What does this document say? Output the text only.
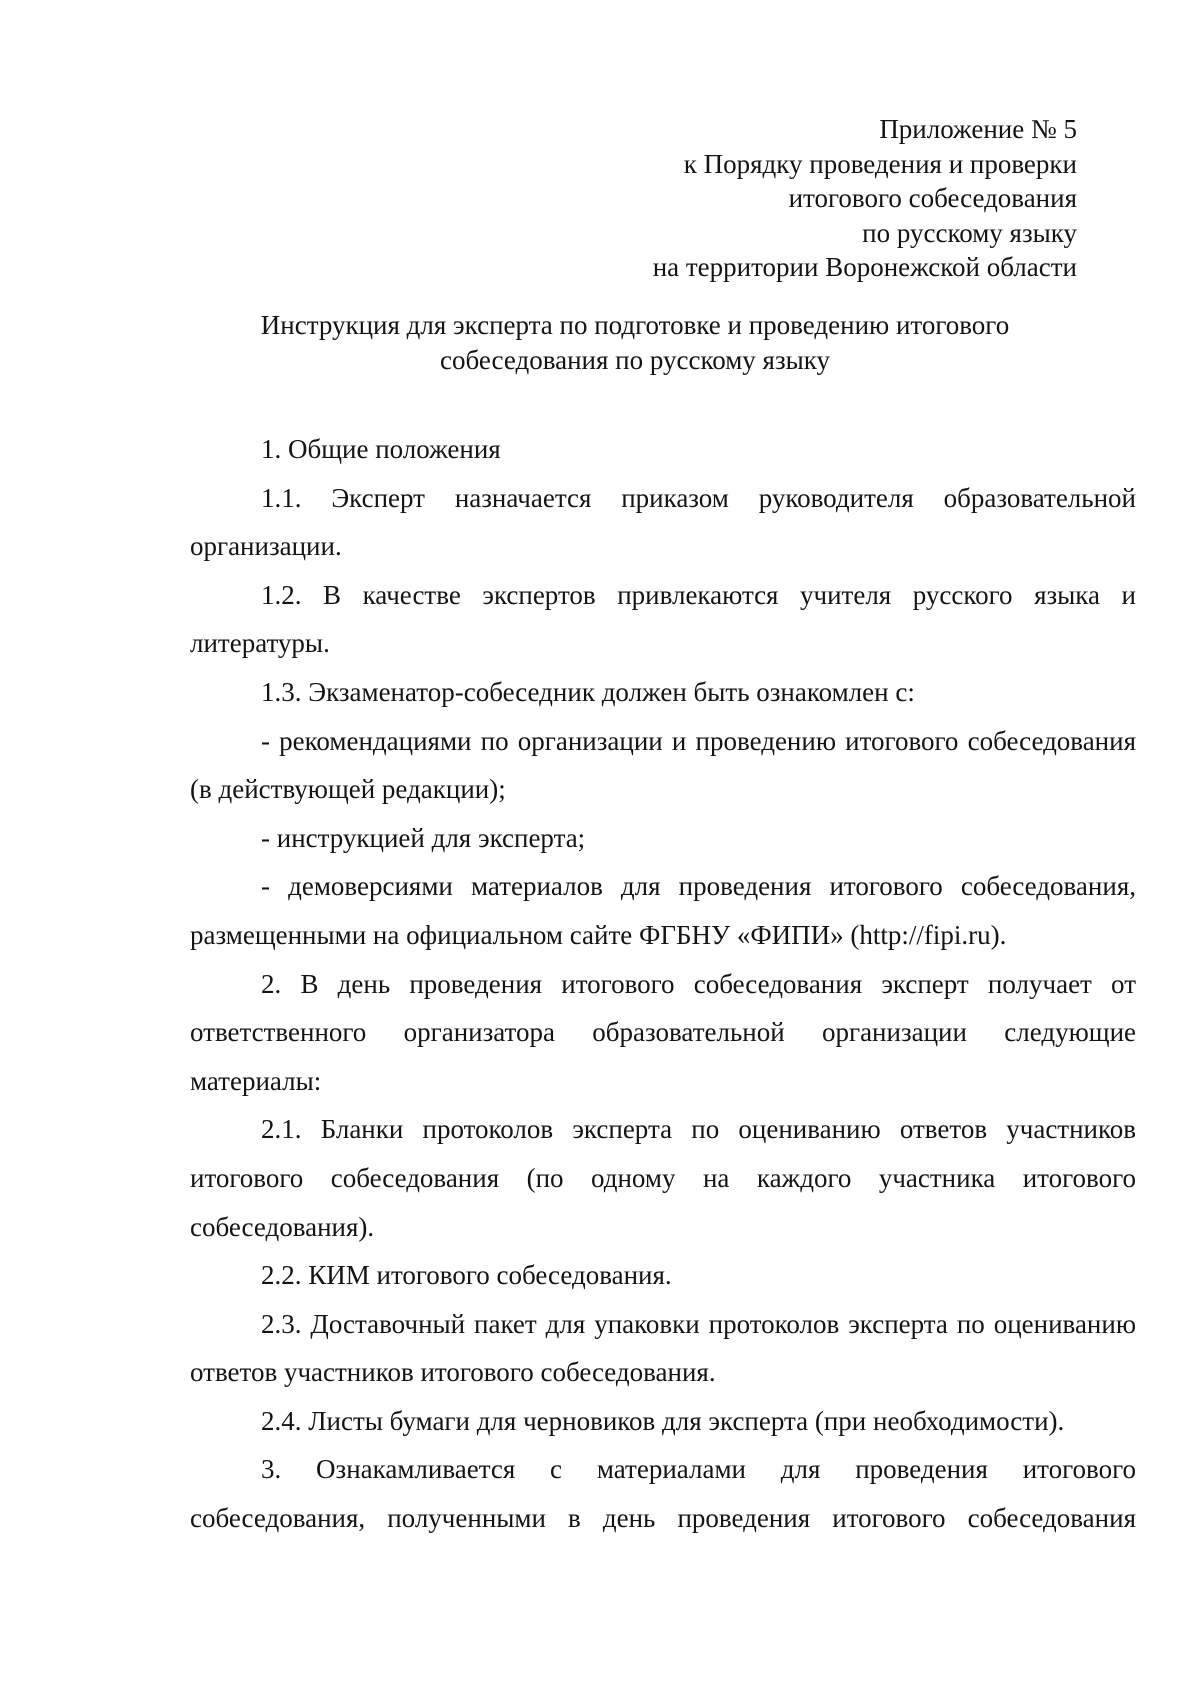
Приложение № 5
к Порядку проведения и проверки
итогового собеседования
по русскому языку
на территории Воронежской области
Инструкция для эксперта по подготовке и проведению итогового
собеседования по русскому языку

1. Общие положения

1.1. Эксперт назначается приказом руководителя образовательной организации.

1.2. В качестве экспертов привлекаются учителя русского языка и литературы.

1.3. Экзаменатор-собеседник должен быть ознакомлен с:

- рекомендациями по организации и проведению итогового собеседования (в действующей редакции);

- инструкцией для эксперта;

- демоверсиями материалов для проведения итогового собеседования, размещенными на официальном сайте ФГБНУ «ФИПИ» (http://fipi.ru).

2. В день проведения итогового собеседования эксперт получает от ответственного организатора образовательной организации следующие материалы:

2.1. Бланки протоколов эксперта по оцениванию ответов участников итогового собеседования (по одному на каждого участника итогового собеседования).

2.2. КИМ итогового собеседования.

2.3. Доставочный пакет для упаковки протоколов эксперта по оцениванию ответов участников итогового собеседования.

2.4. Листы бумаги для черновиков для эксперта (при необходимости).

3. Ознакамливается с материалами для проведения итогового собеседования, полученными в день проведения итогового собеседования
